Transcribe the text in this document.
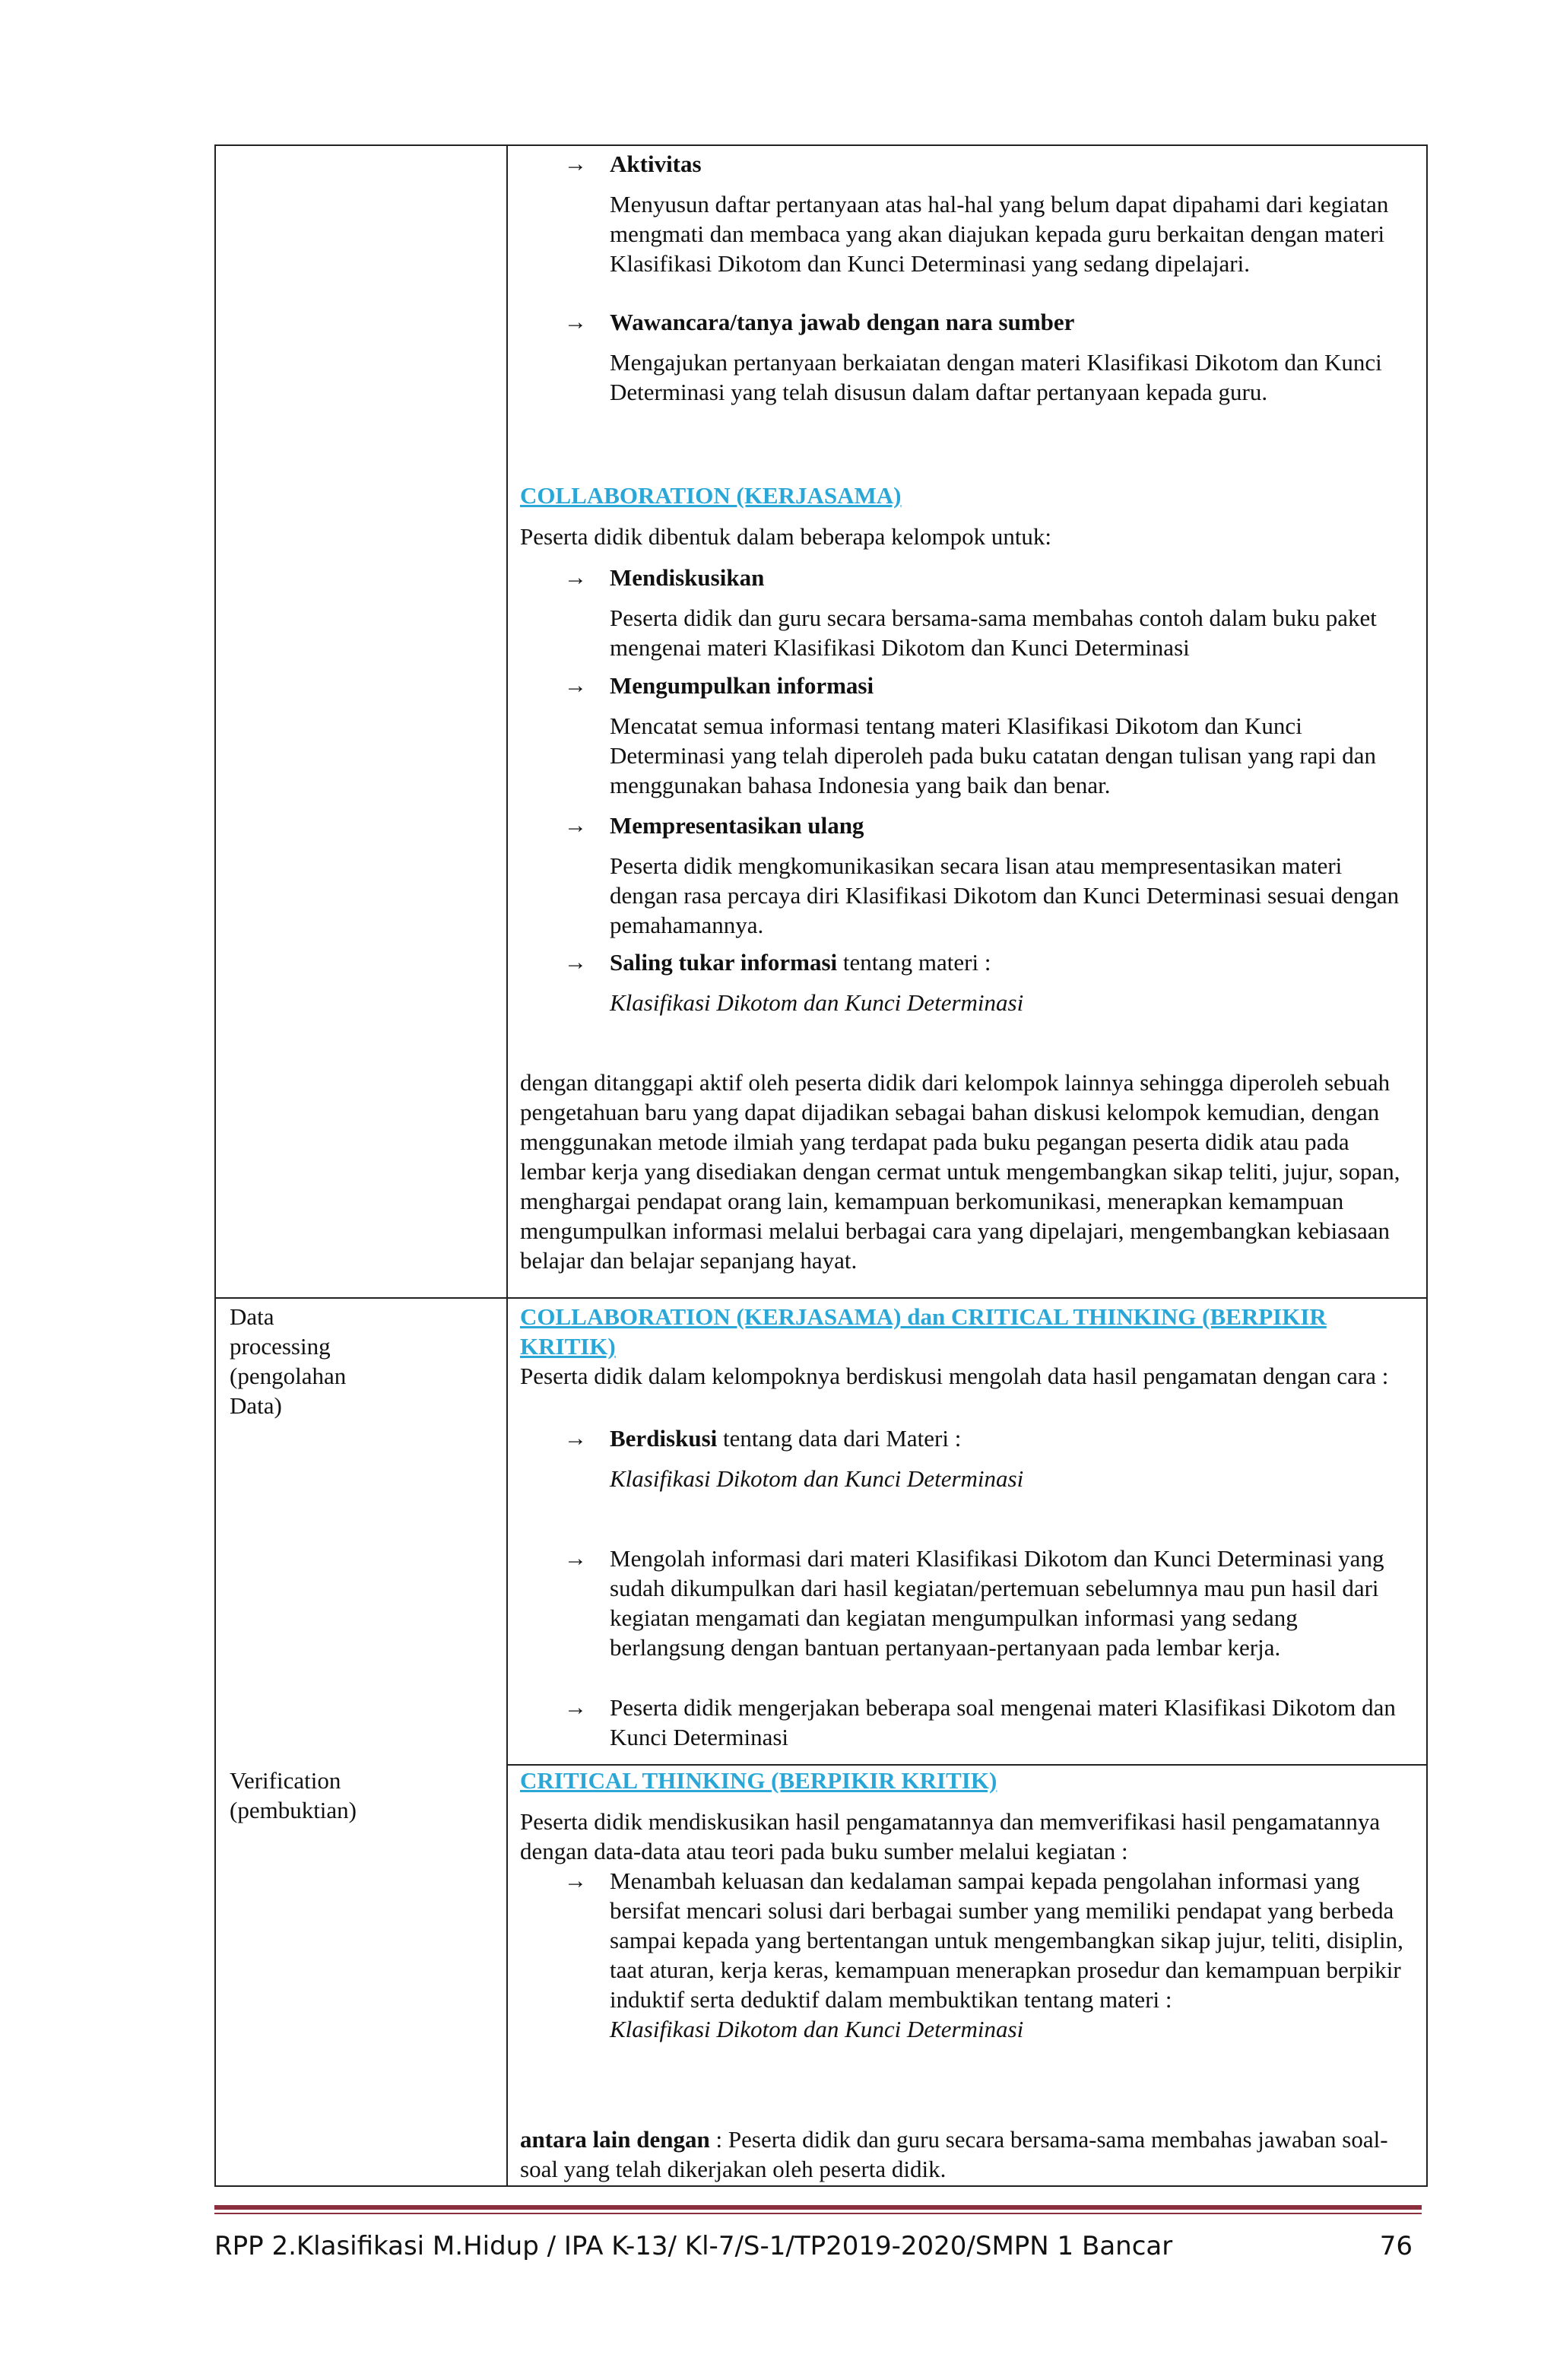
Data
processing
(pengolahan
Data)
Verification
(pembuktian)
→ Aktivitas
Menyusun daftar pertanyaan atas hal-hal yang belum dapat dipahami dari kegiatan mengmati dan membaca yang akan diajukan kepada guru berkaitan dengan materi Klasifikasi Dikotom dan Kunci Determinasi yang sedang dipelajari.
→ Wawancara/tanya jawab dengan nara sumber
Mengajukan pertanyaan berkaiatan dengan materi Klasifikasi Dikotom dan Kunci Determinasi yang telah disusun dalam daftar pertanyaan kepada guru.
COLLABORATION (KERJASAMA)
Peserta didik dibentuk dalam beberapa kelompok untuk:
→ Mendiskusikan
Peserta didik dan guru secara bersama-sama membahas contoh dalam buku paket mengenai materi Klasifikasi Dikotom dan Kunci Determinasi
→ Mengumpulkan informasi
Mencatat semua informasi tentang materi Klasifikasi Dikotom dan Kunci Determinasi yang telah diperoleh pada buku catatan dengan tulisan yang rapi dan menggunakan bahasa Indonesia yang baik dan benar.
→ Mempresentasikan ulang
Peserta didik mengkomunikasikan secara lisan atau mempresentasikan materi dengan rasa percaya diri Klasifikasi Dikotom dan Kunci Determinasi sesuai dengan pemahamannya.
→ Saling tukar informasi tentang materi :
Klasifikasi Dikotom dan Kunci Determinasi
dengan ditanggapi aktif oleh peserta didik dari kelompok lainnya sehingga diperoleh sebuah pengetahuan baru yang dapat dijadikan sebagai bahan diskusi kelompok kemudian, dengan menggunakan metode ilmiah yang terdapat pada buku pegangan peserta didik atau pada lembar kerja yang disediakan dengan cermat untuk mengembangkan sikap teliti, jujur, sopan, menghargai pendapat orang lain, kemampuan berkomunikasi, menerapkan kemampuan mengumpulkan informasi melalui berbagai cara yang dipelajari, mengembangkan kebiasaan belajar dan belajar sepanjang hayat.
COLLABORATION (KERJASAMA) dan CRITICAL THINKING (BERPIKIR KRITIK)
Peserta didik dalam kelompoknya berdiskusi mengolah data hasil pengamatan dengan cara :
→ Berdiskusi tentang data dari Materi :
Klasifikasi Dikotom dan Kunci Determinasi
→ Mengolah informasi dari materi Klasifikasi Dikotom dan Kunci Determinasi yang sudah dikumpulkan dari hasil kegiatan/pertemuan sebelumnya mau pun hasil dari kegiatan mengamati dan kegiatan mengumpulkan informasi yang sedang berlangsung dengan bantuan pertanyaan-pertanyaan pada lembar kerja.
→ Peserta didik mengerjakan beberapa soal mengenai materi Klasifikasi Dikotom dan Kunci Determinasi
CRITICAL THINKING (BERPIKIR KRITIK)
Peserta didik mendiskusikan hasil pengamatannya dan memverifikasi hasil pengamatannya dengan data-data atau teori pada buku sumber melalui kegiatan :
→ Menambah keluasan dan kedalaman sampai kepada pengolahan informasi yang bersifat mencari solusi dari berbagai sumber yang memiliki pendapat yang berbeda sampai kepada yang bertentangan untuk mengembangkan sikap jujur, teliti, disiplin, taat aturan, kerja keras, kemampuan menerapkan prosedur dan kemampuan berpikir induktif serta deduktif dalam membuktikan tentang materi :
Klasifikasi Dikotom dan Kunci Determinasi
antara lain dengan : Peserta didik dan guru secara bersama-sama membahas jawaban soal-soal yang telah dikerjakan oleh peserta didik.
RPP 2.Klasifikasi M.Hidup / IPA K-13/ Kl-7/S-1/TP2019-2020/SMPN 1 Bancar	76
